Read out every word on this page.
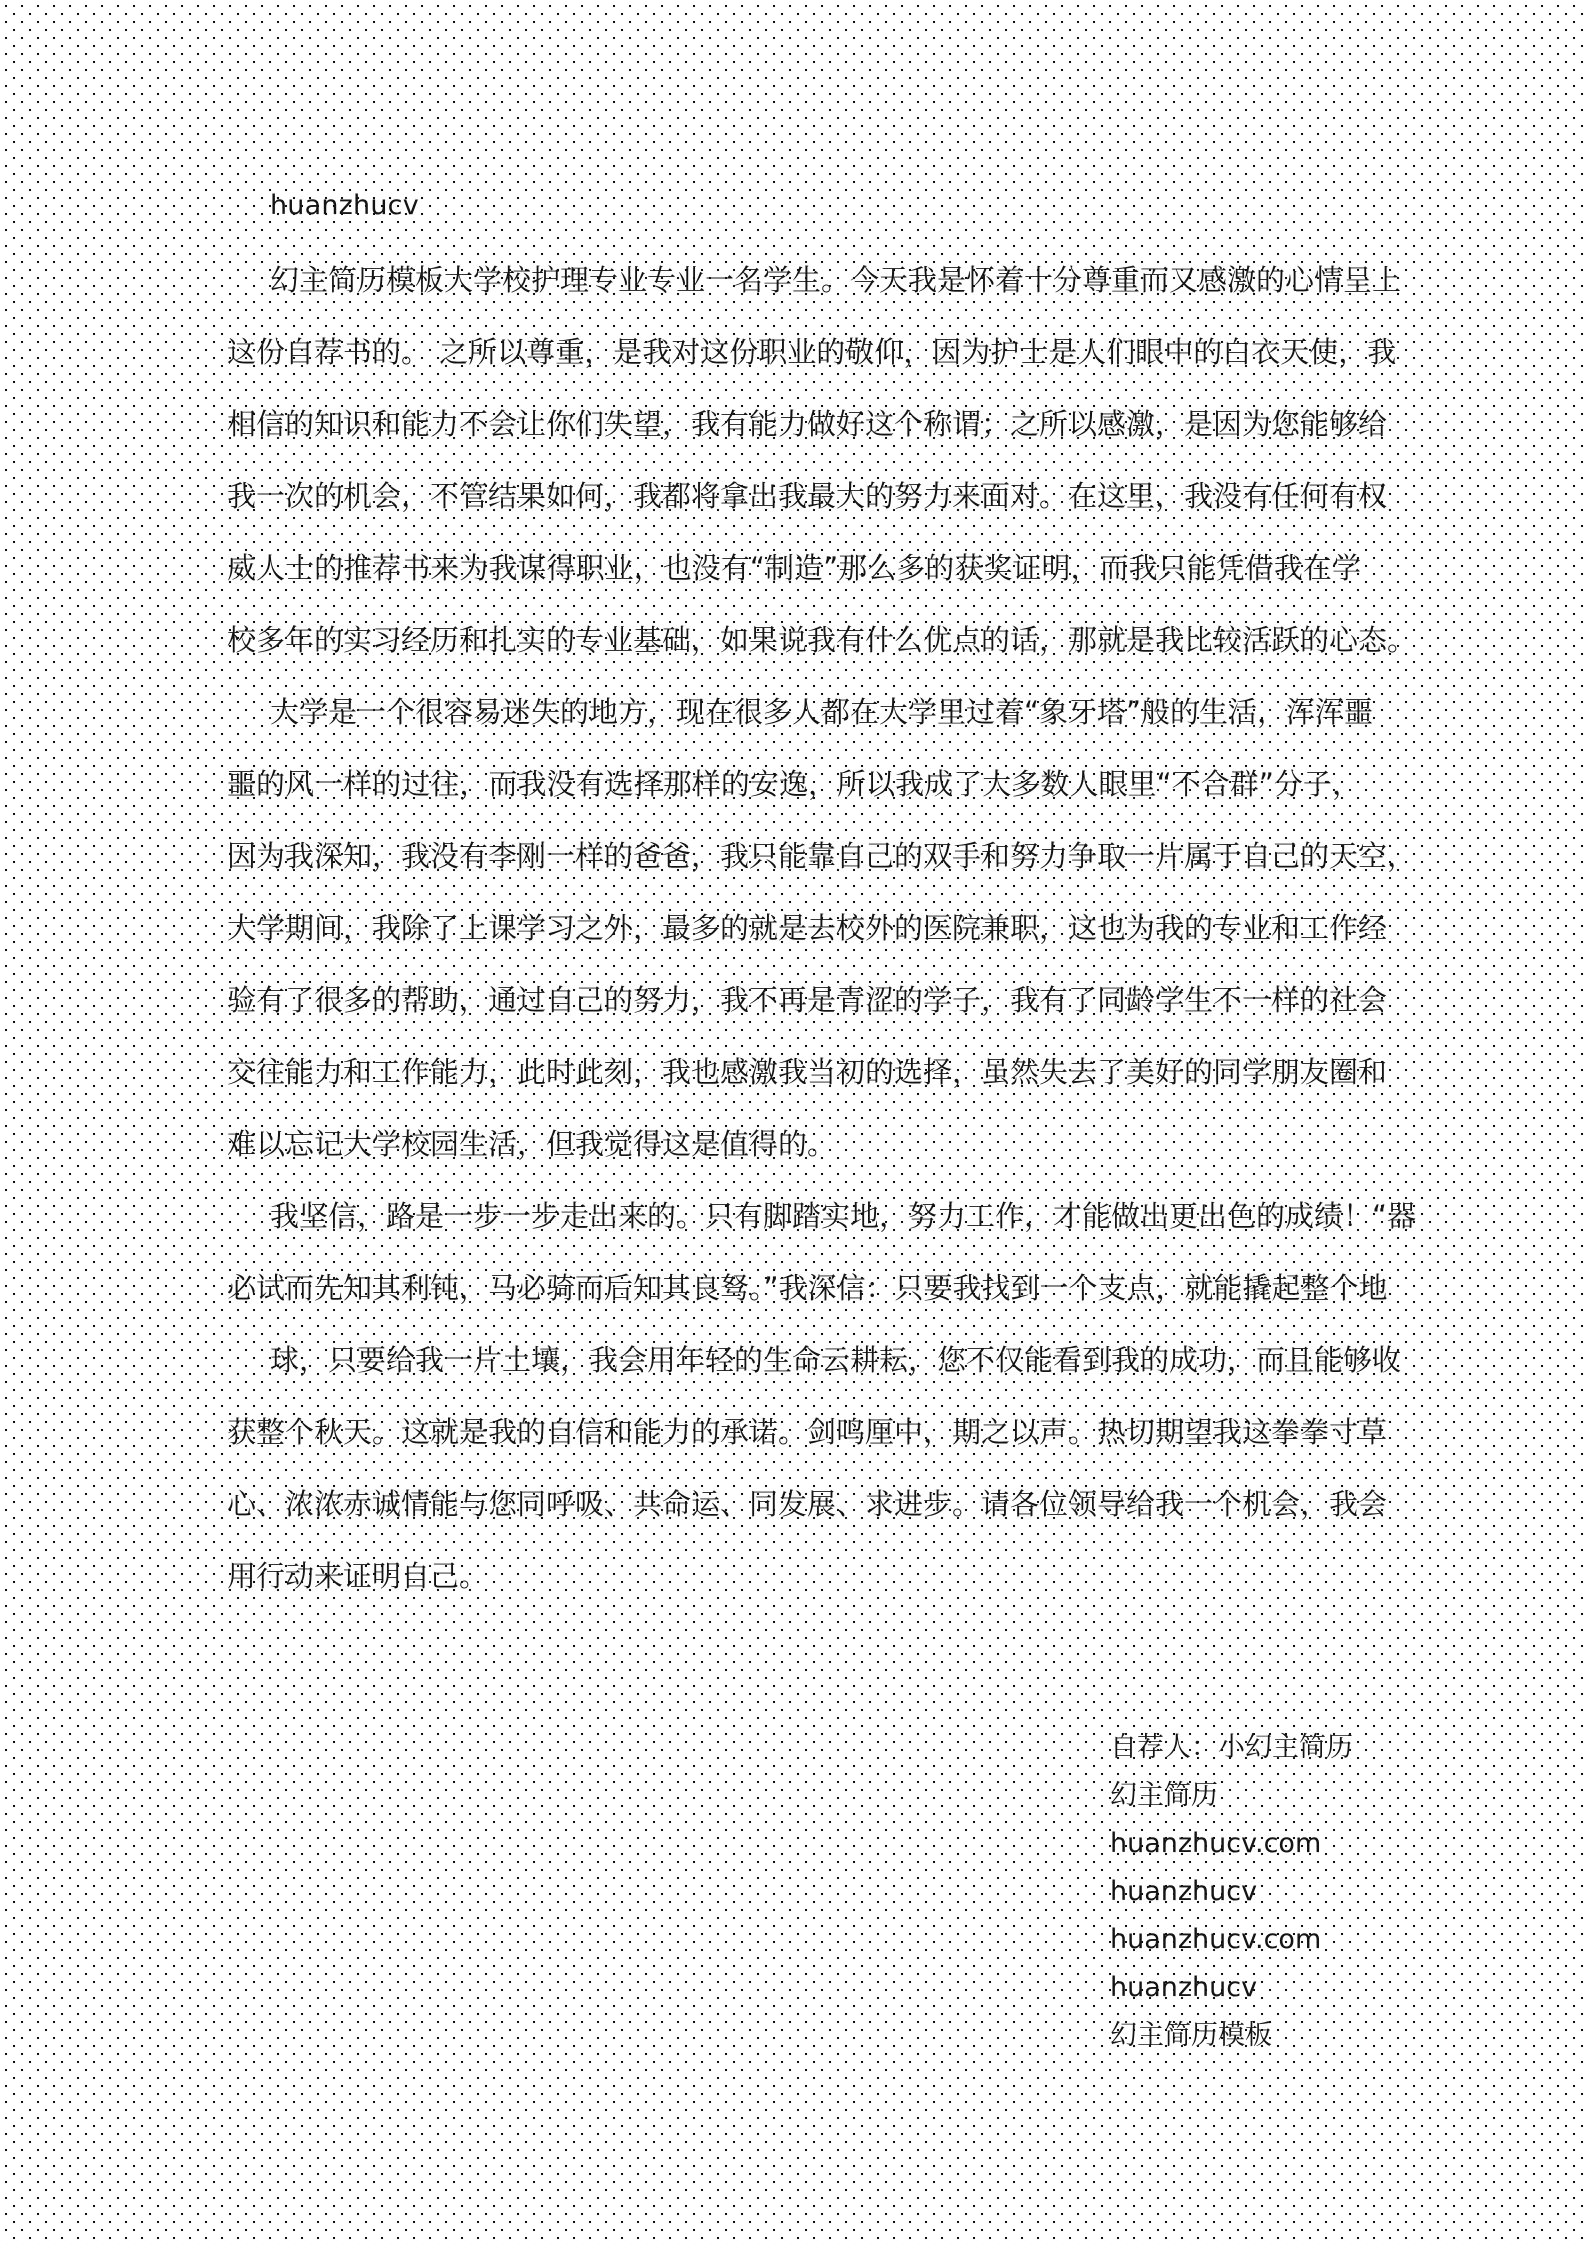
huanzhucv
幻主简历模板大学校护理专业专业一名学生。今天我是怀着十分尊重而又感激的心情呈上
这份自荐书的。 之所以尊重，是我对这份职业的敬仰，因为护士是人们眼中的白衣天使，我
相信的知识和能力不会让你们失望，我有能力做好这个称谓；之所以感激，是因为您能够给
我一次的机会，不管结果如何，我都将拿出我最大的努力来面对。在这里，我没有任何有权
威人士的推荐书来为我谋得职业，也没有“制造”那么多的获奖证明，而我只能凭借我在学
校多年的实习经历和扎实的专业基础，如果说我有什么优点的话，那就是我比较活跃的心态。
大学是一个很容易迷失的地方，现在很多人都在大学里过着“象牙塔”般的生活，浑浑噩
噩的风一样的过往，而我没有选择那样的安逸，所以我成了大多数人眼里“不合群”分子，
因为我深知，我没有李刚一样的爸爸，我只能靠自己的双手和努力争取一片属于自己的天空，
大学期间，我除了上课学习之外，最多的就是去校外的医院兼职，这也为我的专业和工作经
验有了很多的帮助，通过自己的努力，我不再是青涩的学子，我有了同龄学生不一样的社会
交往能力和工作能力，此时此刻，我也感激我当初的选择，虽然失去了美好的同学朋友圈和
难以忘记大学校园生活，但我觉得这是值得的。
我坚信，路是一步一步走出来的。只有脚踏实地，努力工作，才能做出更出色的成绩！“器
必试而先知其利钝，马必骑而后知其良驽。”我深信：只要我找到一个支点，就能撬起整个地
球，只要给我一片土壤，我会用年轻的生命云耕耘，您不仅能看到我的成功，而且能够收
获整个秋天。这就是我的自信和能力的承诺。剑鸣厘中，期之以声。热切期望我这拳拳寸草
心、浓浓赤诚情能与您同呼吸、共命运、同发展、求进步。请各位领导给我一个机会，我会
用行动来证明自己。
自荐人：小幻主简历
幻主简历
huanzhucv.com
huanzhucv
huanzhucv.com
huanzhucv
幻主简历模板
